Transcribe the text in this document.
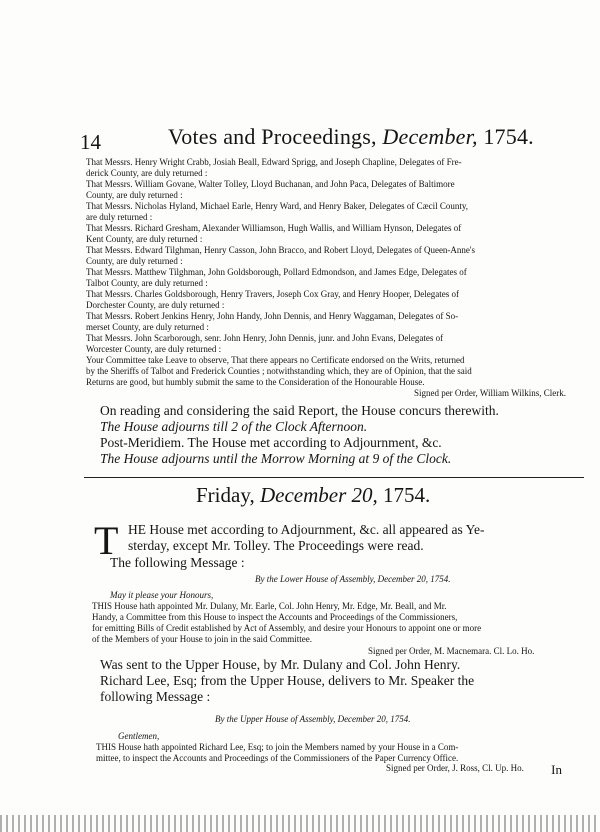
14	Votes and Proceedings, December, 1754.
That Messrs. Henry Wright Crabb, Josiah Beall, Edward Sprigg, and Joseph Chapline, Delegates of Fre-
derick County, are duly returned :
That Messrs. William Govane, Walter Tolley, Lloyd Buchanan, and John Paca, Delegates of Baltimore
County, are duly returned :
That Messrs. Nicholas Hyland, Michael Earle, Henry Ward, and Henry Baker, Delegates of Cæcil County,
are duly returned :
That Messrs. Richard Gresham, Alexander Williamson, Hugh Wallis, and William Hynson, Delegates of
Kent County, are duly returned :
That Messrs. Edward Tilghman, Henry Casson, John Bracco, and Robert Lloyd, Delegates of Queen-Anne's
County, are duly returned :
That Messrs. Matthew Tilghman, John Goldsborough, Pollard Edmondson, and James Edge, Delegates of
Talbot County, are duly returned :
That Messrs. Charles Goldsborough, Henry Travers, Joseph Cox Gray, and Henry Hooper, Delegates of
Dorchester County, are duly returned :
That Messrs. Robert Jenkins Henry, John Handy, John Dennis, and Henry Waggaman, Delegates of So-
merset County, are duly returned :
That Messrs. John Scarborough, senr. John Henry, John Dennis, junr. and John Evans, Delegates of
Worcester County, are duly returned :
Your Committee take Leave to observe, That there appears no Certificate endorsed on the Writs, returned
by the Sheriffs of Talbot and Frederick Counties ; notwithstanding which, they are of Opinion, that the said
Returns are good, but humbly submit the same to the Consideration of the Honourable House.
Signed per Order, William Wilkins, Clerk.
On reading and considering the said Report, the House concurs therewith.
The House adjourns till 2 of the Clock Afternoon.
Post-Meridiem. The House met according to Adjournment, &c.
The House adjourns until the Morrow Morning at 9 of the Clock.
Friday, December 20, 1754.
T HE House met according to Adjournment, &c. all appeared as Ye-
sterday, except Mr. Tolley. The Proceedings were read.
The following Message :
By the Lower House of Assembly, December 20, 1754.
May it please your Honours,
THIS House hath appointed Mr. Dulany, Mr. Earle, Col. John Henry, Mr. Edge, Mr. Beall, and Mr.
Handy, a Committee from this House to inspect the Accounts and Proceedings of the Commissioners,
for emitting Bills of Credit established by Act of Assembly, and desire your Honours to appoint one or more
of the Members of your House to join in the said Committee.
Signed per Order, M. Macnemara. Cl. Lo. Ho.
Was sent to the Upper House, by Mr. Dulany and Col. John Henry.
Richard Lee, Esq; from the Upper House, delivers to Mr. Speaker the
following Message :
By the Upper House of Assembly, December 20, 1754.
Gentlemen,
THIS House hath appointed Richard Lee, Esq; to join the Members named by your House in a Com-
mittee, to inspect the Accounts and Proceedings of the Commissioners of the Paper Currency Office.
Signed per Order, J. Ross, Cl. Up. Ho. In
